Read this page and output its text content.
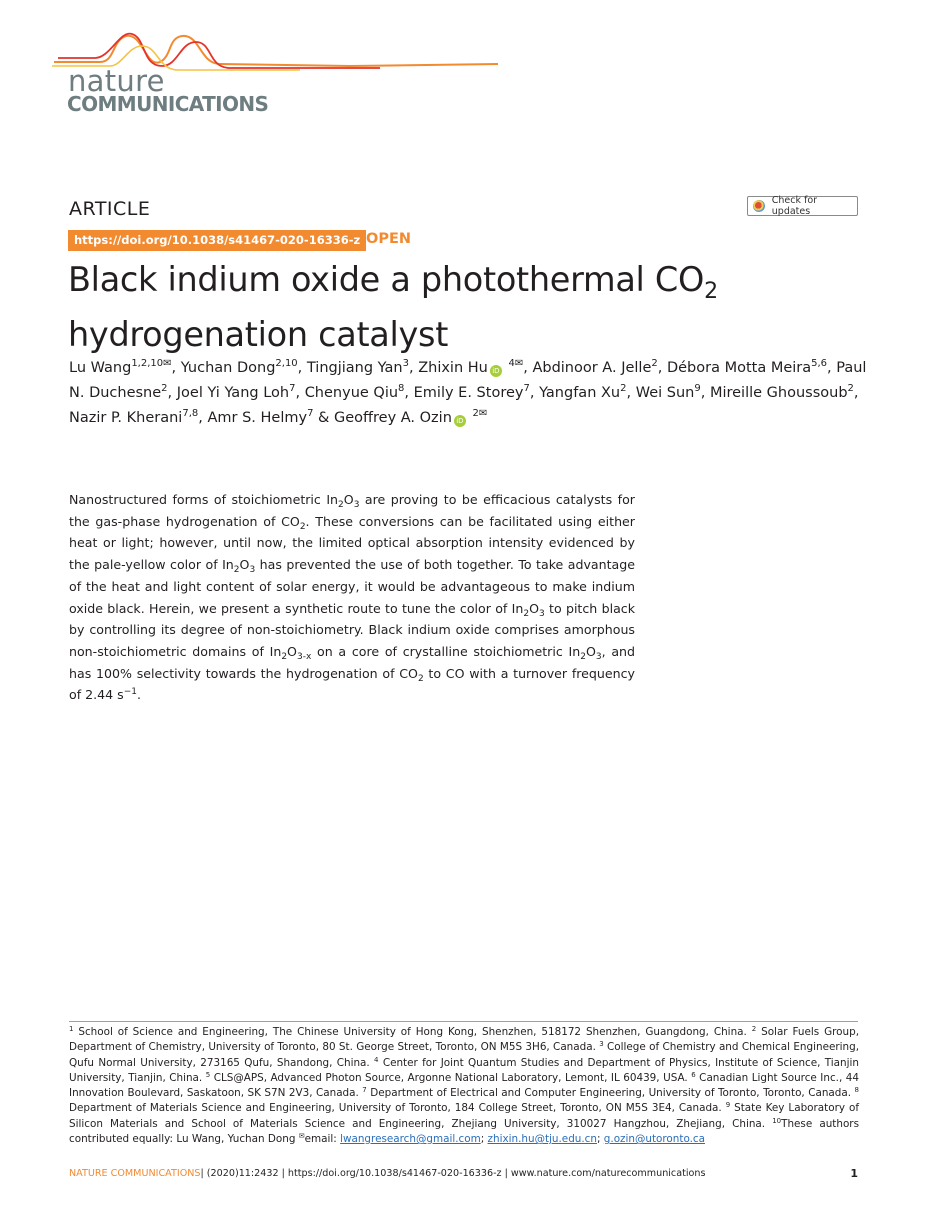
nature
COMMUNICATIONS
ARTICLE	Check for updates
https://doi.org/10.1038/s41467-020-16336-z OPEN
Black indium oxide a photothermal $CO_2$
hydrogenation catalyst
Lu Wang$^{1,2,10✉}$, Yuchan Dong$^{2,10}$, Tingjiang Yan$^3$, Zhixin Hu iD $^{4✉}$, Abdinoor A. Jelle$^2$, Débora Motta Meira$^{5,6}$, Paul N. Duchesne$^2$, Joel Yi Yang Loh$^7$, Chenyue Qiu$^8$, Emily E. Storey$^7$, Yangfan Xu$^2$, Wei Sun$^9$, Mireille Ghoussoub$^2$, Nazir P. Kherani$^{7,8}$, Amr S. Helmy$^7$ & Geoffrey A. Ozin iD $^{2✉}$
Nanostructured forms of stoichiometric $In_2O_3$ are proving to be efficacious catalysts for the gas-phase hydrogenation of $CO_2$. These conversions can be facilitated using either heat or light; however, until now, the limited optical absorption intensity evidenced by the pale-yellow color of $In_2O_3$ has prevented the use of both together. To take advantage of the heat and light content of solar energy, it would be advantageous to make indium oxide black. Herein, we present a synthetic route to tune the color of $In_2O_3$ to pitch black by controlling its degree of non-stoichiometry. Black indium oxide comprises amorphous non-stoichiometric domains of $In_2O_{3-x}$ on a core of crystalline stoichiometric $In_2O_3$, and has 100% selectivity towards the hydrogenation of $CO_2$ to CO with a turnover frequency of 2.44 $s^{-1}$.
$^1$ School of Science and Engineering, The Chinese University of Hong Kong, Shenzhen, 518172 Shenzhen, Guangdong, China. $^2$ Solar Fuels Group, Department of Chemistry, University of Toronto, 80 St. George Street, Toronto, ON M5S 3H6, Canada. $^3$ College of Chemistry and Chemical Engineering, Qufu Normal University, 273165 Qufu, Shandong, China. $^4$ Center for Joint Quantum Studies and Department of Physics, Institute of Science, Tianjin University, Tianjin, China. $^5$ CLS@APS, Advanced Photon Source, Argonne National Laboratory, Lemont, IL 60439, USA. $^6$ Canadian Light Source Inc., 44 Innovation Boulevard, Saskatoon, SK S7N 2V3, Canada. $^7$ Department of Electrical and Computer Engineering, University of Toronto, Toronto, Canada. $^8$ Department of Materials Science and Engineering, University of Toronto, 184 College Street, Toronto, ON M5S 3E4, Canada. $^9$ State Key Laboratory of Silicon Materials and School of Materials Science and Engineering, Zhejiang University, 310027 Hangzhou, Zhejiang, China. $^{10}$These authors contributed equally: Lu Wang, Yuchan Dong ✉email: lwangresearch@gmail.com; zhixin.hu@tju.edu.cn; g.ozin@utoronto.ca
NATURE COMMUNICATIONS| (2020)11:2432 | https://doi.org/10.1038/s41467-020-16336-z | www.nature.com/naturecommunications	1
